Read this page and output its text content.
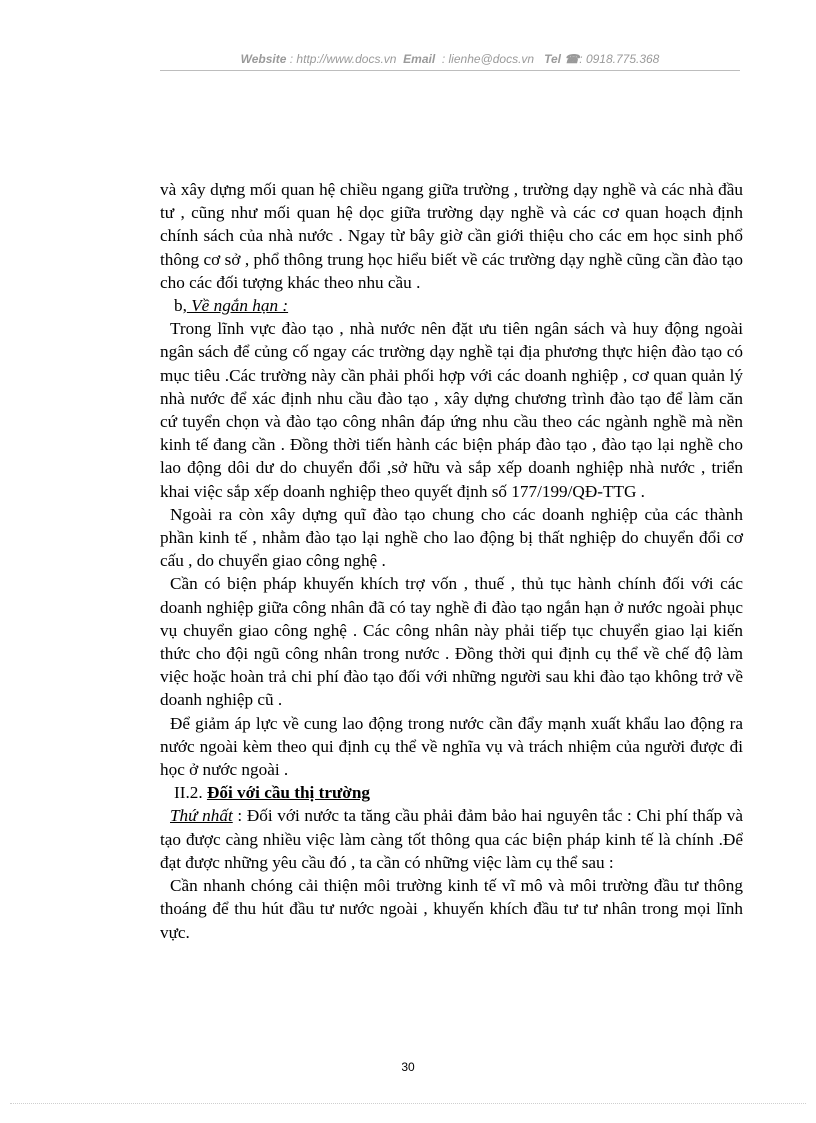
Website : http://www.docs.vn Email : lienhe@docs.vn Tel ☎: 0918.775.368

và xây dựng mối quan hệ chiều ngang giữa trường , trường dạy nghề và các nhà đầu tư , cũng như mối quan hệ dọc giữa trường dạy nghề và các cơ quan hoạch định chính sách của nhà nước . Ngay từ bây giờ cần giới thiệu cho các em học sinh phổ thông cơ sở , phổ thông trung học hiểu biết về các trường dạy nghề cũng cần đào tạo cho các đối tượng khác theo nhu cầu .

b, Về ngắn hạn :

Trong lĩnh vực đào tạo , nhà nước nên đặt ưu tiên ngân sách và huy động ngoài ngân sách để củng cố ngay các trường dạy nghề tại địa phương thực hiện đào tạo có mục tiêu .Các trường này cần phải phối hợp với các doanh nghiệp , cơ quan quản lý nhà nước để xác định nhu cầu đào tạo , xây dựng chương trình đào tạo để làm căn cứ tuyển chọn và đào tạo công nhân đáp ứng nhu cầu theo các ngành nghề mà nền kinh tế đang cần . Đồng thời tiến hành các biện pháp đào tạo , đào tạo lại nghề cho lao động dôi dư do chuyển đổi ,sở hữu và sắp xếp doanh nghiệp nhà nước , triển khai việc sắp xếp doanh nghiệp theo quyết định số 177/199/QĐ-TTG .

Ngoài ra còn xây dựng quĩ đào tạo chung cho các doanh nghiệp của các thành phần kinh tế , nhằm đào tạo lại nghề cho lao động bị thất nghiệp do chuyển đổi cơ cấu , do chuyển giao công nghệ .

Cần có biện pháp khuyến khích trợ vốn , thuế , thủ tục hành chính đối với các doanh nghiệp giữa công nhân đã có tay nghề đi đào tạo ngắn hạn ở nước ngoài phục vụ chuyển giao công nghệ . Các công nhân này phải tiếp tục chuyển giao lại kiến thức cho đội ngũ công nhân trong nước . Đồng thời qui định cụ thể về chế độ làm việc hoặc hoàn trả chi phí đào tạo đối với những người sau khi đào tạo không trở về doanh nghiệp cũ .

Để giảm áp lực về cung lao động trong nước cần đẩy mạnh xuất khẩu lao động ra nước ngoài kèm theo qui định cụ thể về nghĩa vụ và trách nhiệm của người được đi học ở nước ngoài .

II.2. Đối với cầu thị trường

Thứ nhất : Đối với nước ta tăng cầu phải đảm bảo hai nguyên tắc : Chi phí thấp và tạo được càng nhiều việc làm càng tốt thông qua các biện pháp kinh tế là chính .Để đạt được những yêu cầu đó , ta cần có những việc làm cụ thể sau :

Cần nhanh chóng cải thiện môi trường kinh tế vĩ mô và môi trường đầu tư thông thoáng để thu hút đầu tư nước ngoài , khuyến khích đầu tư tư nhân trong mọi lĩnh vực.

30
